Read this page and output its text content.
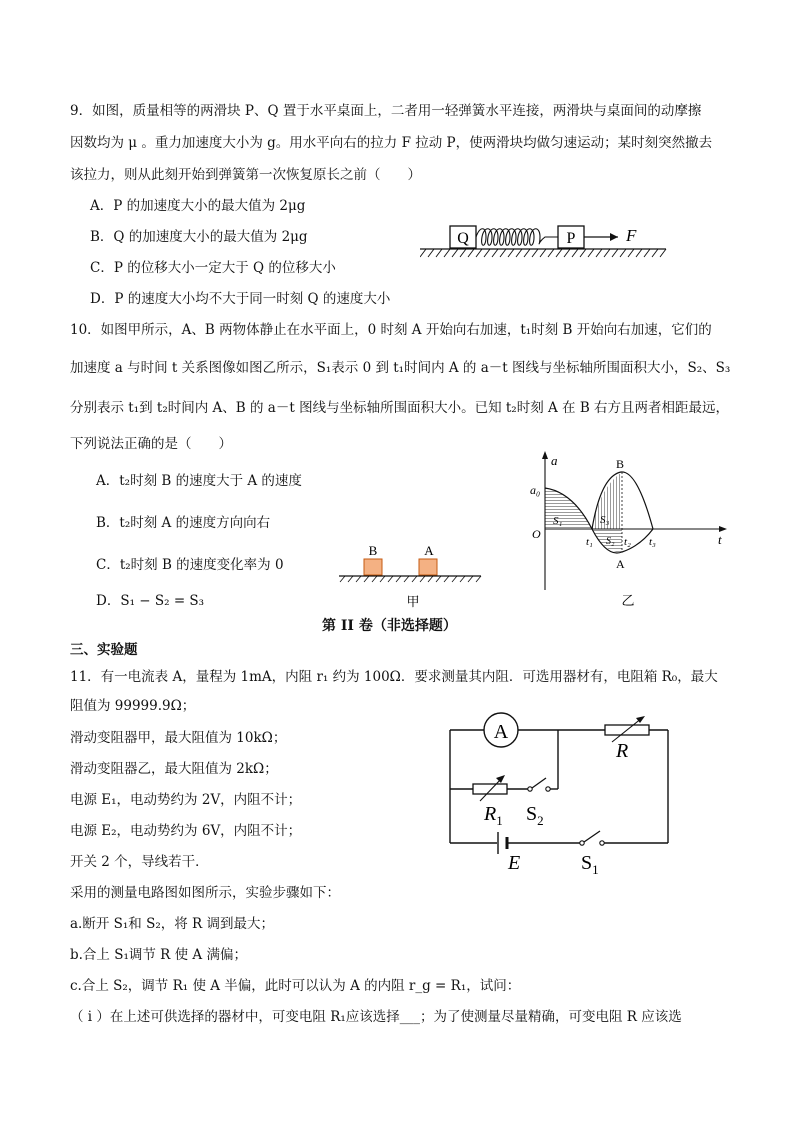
9．如图，质量相等的两滑块 P、Q 置于水平桌面上，二者用一轻弹簧水平连接，两滑块与桌面间的动摩擦
因数均为 μ 。重力加速度大小为 g。用水平向右的拉力 F 拉动 P，使两滑块均做匀速运动；某时刻突然撤去
该拉力，则从此刻开始到弹簧第一次恢复原长之前（　　）
A．P 的加速度大小的最大值为 2μg
B．Q 的加速度大小的最大值为 2μg
C．P 的位移大小一定大于 Q 的位移大小
D．P 的速度大小均不大于同一时刻 Q 的速度大小
Q	P	F
10．如图甲所示，A、B 两物体静止在水平面上，0 时刻 A 开始向右加速，t₁时刻 B 开始向右加速，它们的
加速度 a 与时间 t 关系图像如图乙所示，S₁表示 0 到 t₁时间内 A 的 a－t 图线与坐标轴所围面积大小，S₂、S₃
分别表示 t₁到 t₂时间内 A、B 的 a－t 图线与坐标轴所围面积大小。已知 t₂时刻 A 在 B 右方且两者相距最远，
下列说法正确的是（　　）
A．t₂时刻 B 的速度大于 A 的速度
B．t₂时刻 A 的速度方向向右
C．t₂时刻 B 的速度变化率为 0
D．S₁ − S₂ = S₃
B	A
甲
a
t
a₀
O
S₁	S₃
S₂
t₁	t₂ t₃
B
A
乙
第 II 卷（非选择题）
三、实验题
11．有一电流表 A，量程为 1mA，内阻 r₁ 约为 100Ω．要求测量其内阻．可选用器材有，电阻箱 R₀，最大
阻值为 99999.9Ω；
滑动变阻器甲，最大阻值为 10kΩ；
滑动变阻器乙，最大阻值为 2kΩ；
电源 E₁，电动势约为 2V，内阻不计；
电源 E₂，电动势约为 6V，内阻不计；
开关 2 个，导线若干．
采用的测量电路图如图所示，实验步骤如下：
a.断开 S₁和 S₂，将 R 调到最大；
b.合上 S₁调节 R 使 A 满偏；
c.合上 S₂，调节 R₁ 使 A 半偏，此时可以认为 A 的内阻 r_g = R₁，试问：
（ i ）在上述可供选择的器材中，可变电阻 R₁应该选择___；为了使测量尽量精确，可变电阻 R 应该选
A
R
$R_1$ $S_2$
E	$S_1$
